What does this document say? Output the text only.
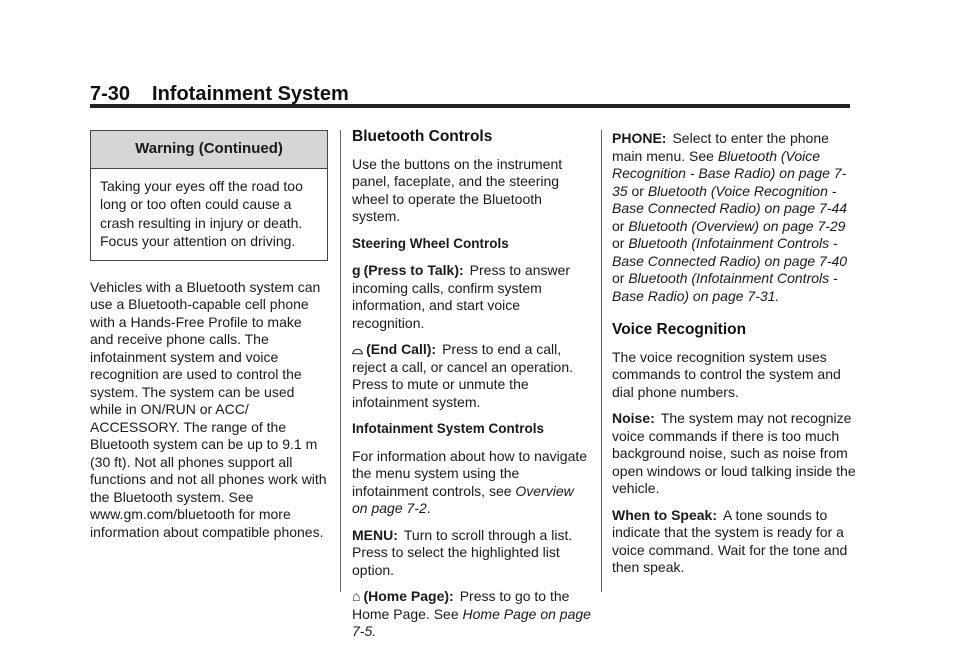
7-30 Infotainment System
Warning (Continued)
Taking your eyes off the road too long or too often could cause a crash resulting in injury or death. Focus your attention on driving.

Vehicles with a Bluetooth system can use a Bluetooth-capable cell phone with a Hands-Free Profile to make and receive phone calls. The infotainment system and voice recognition are used to control the system. The system can be used while in ON/RUN or ACC/ ACCESSORY. The range of the Bluetooth system can be up to 9.1 m (30 ft). Not all phones support all functions and not all phones work with the Bluetooth system. See www.gm.com/bluetooth for more information about compatible phones.

Bluetooth Controls

Use the buttons on the instrument panel, faceplate, and the steering wheel to operate the Bluetooth system.

Steering Wheel Controls

g (Press to Talk): Press to answer incoming calls, confirm system information, and start voice recognition.

⌓ (End Call): Press to end a call, reject a call, or cancel an operation. Press to mute or unmute the infotainment system.

Infotainment System Controls

For information about how to navigate the menu system using the infotainment controls, see Overview on page 7-2.

MENU: Turn to scroll through a list. Press to select the highlighted list option.

⌂ (Home Page): Press to go to the Home Page. See Home Page on page 7-5.

PHONE: Select to enter the phone main menu. See Bluetooth (Voice Recognition - Base Radio) on page 7-35 or Bluetooth (Voice Recognition - Base Connected Radio) on page 7-44 or Bluetooth (Overview) on page 7-29 or Bluetooth (Infotainment Controls - Base Connected Radio) on page 7-40 or Bluetooth (Infotainment Controls - Base Radio) on page 7-31.

Voice Recognition

The voice recognition system uses commands to control the system and dial phone numbers.

Noise: The system may not recognize voice commands if there is too much background noise, such as noise from open windows or loud talking inside the vehicle.

When to Speak: A tone sounds to indicate that the system is ready for a voice command. Wait for the tone and then speak.
